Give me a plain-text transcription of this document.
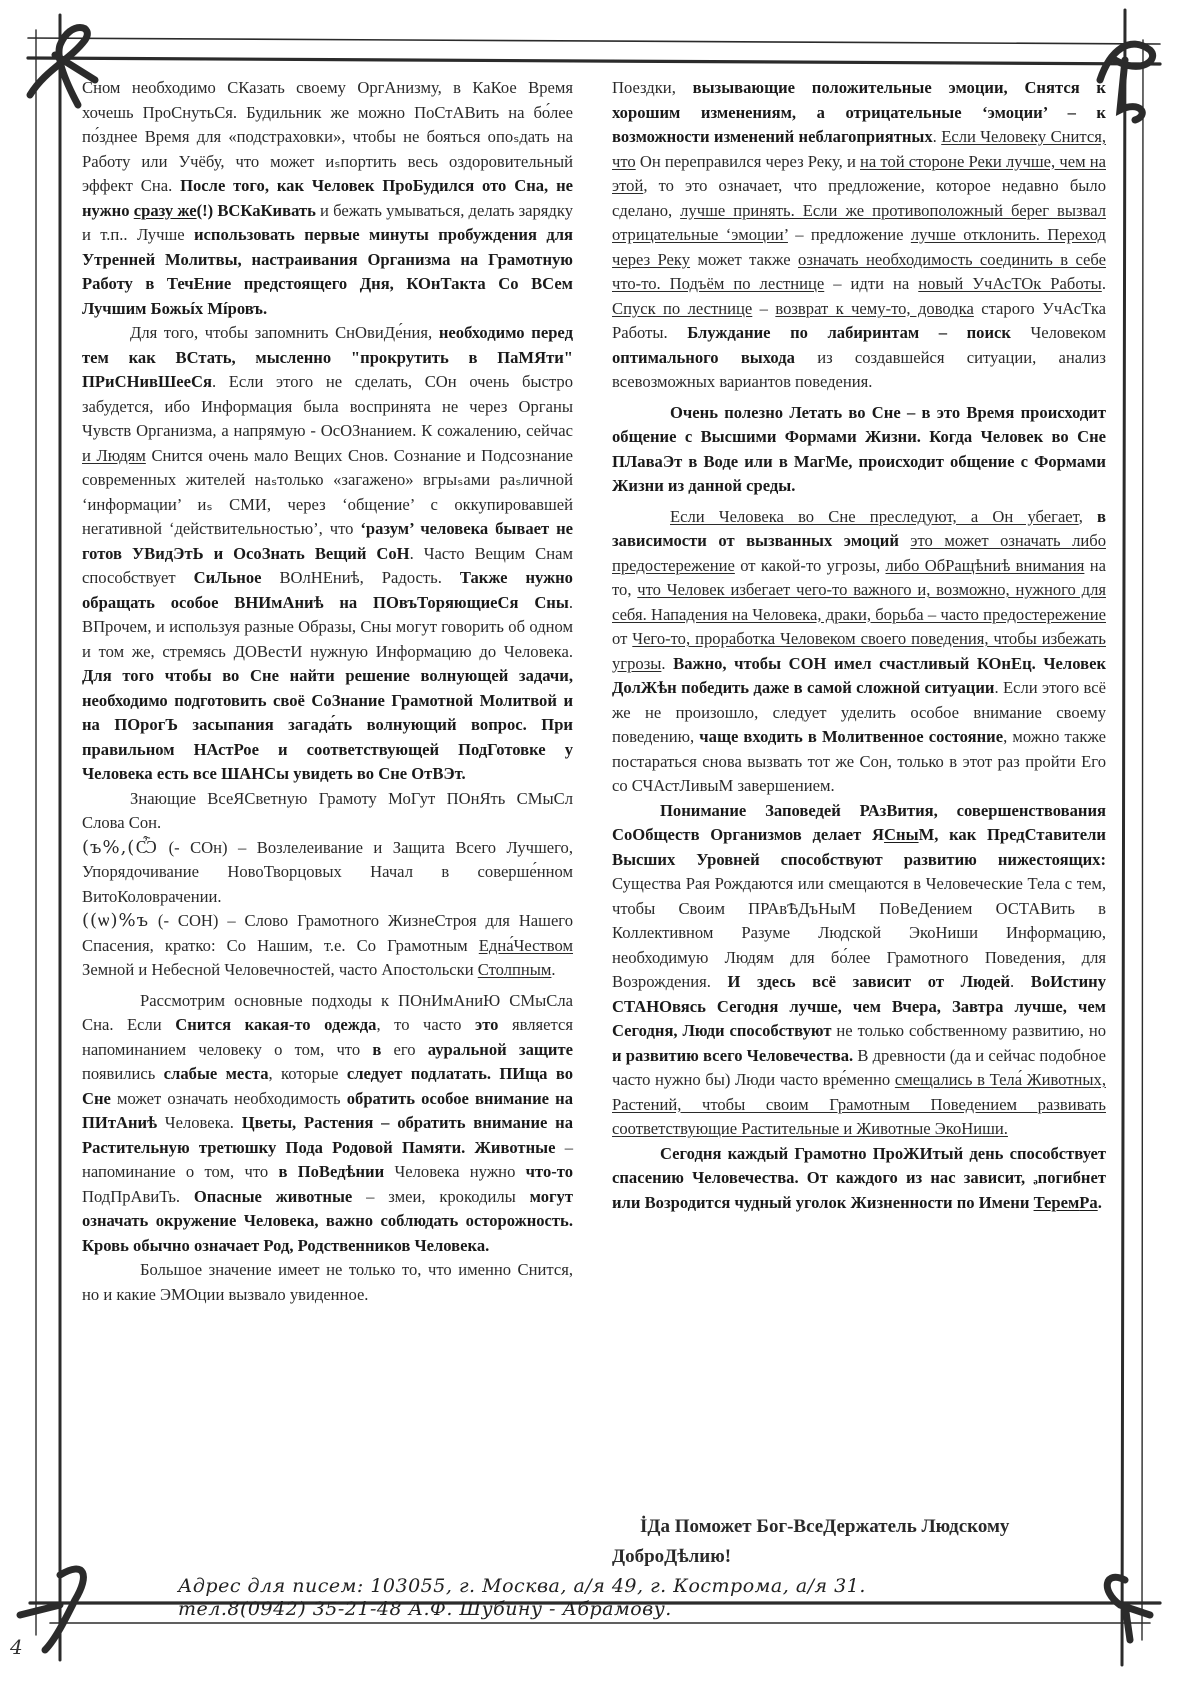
Сном необходимо СКазать своему ОргАнизму, в КаКое Время хочешь ПроСнутьСя. Будильник же можно ПоСтАВить на бо́лее по́зднее Время для «подстраховки», чтобы не бояться опоₛдать на Работу или Учёбу, что может иₛпортить весь оздоровительный эффект Сна. После того, как Человек ПроБудился ото Сна, не нужно сразу же(!) ВСКаКивать и бежать умываться, делать зарядку и т.п.. Лучше использовать первые минуты пробуждения для Утренней Молитвы, настраивания Организма на Грамотную Работу в ТечЕние предстоящего Дня, КОнТакта Со ВСем Лучшим Божьíх Míровъ.

Для того, чтобы запомнить СнОвиДе́ния, необходимо перед тем как ВСтать, мысленно "прокрутить в ПаМЯти" ПРиСНивШееСя. Если этого не сделать, СОн очень быстро забудется, ибо Информация была воспринята не через Органы Чувств Организма, а напрямую - ОсОЗнанием. К сожалению, сейчас и Людям Снится очень мало Вещих Снов. Сознание и Подсознание современных жителей наₛтолько «загажено» вгрыₛами раₛличной ‘информации’ иₛ СМИ, через ‘общение’ с оккупировавшей негативной ‘действительностью’, что ‘разум’ человека бывает не готов УВидЭтЬ и ОсоЗнать Вещий СоН. Часто Вещим Снам способствует СиЛьное ВОлНЕниѣ, Радость. Также нужно обращать особое ВНИмАниѣ на ПОвъТоряющиеСя Сны. ВПрочем, и используя разные Образы, Сны могут говорить об одном и том же, стремясь ДОВестИ нужную Информацию до Человека. Для того чтобы во Сне найти решение волнующей задачи, необходимо подготовить своё СоЗнание Грамотной Молитвой и на ПОрогЪ засыпания загада́ть волнующий вопрос. При правильном НАстРое и соответствующей ПодГотовке у Человека есть все ШАНСы увидеть во Сне ОтВЭт.

Знающие ВсеЯСветную Грамоту МоГут ПОнЯть СМыСл Слова Сон.

(ъ%,(Ѽ (- СОн) – Возлелеивание и Защита Всего Лучшего, Упорядочивание НовоТворцовых Начал в соверше́нном ВитоКоловрачении.

((ѡ)%ъ (- СОН) – Слово Грамотного ЖизнеСтроя для Нашего Спасения, кратко: Со Нашим, т.е. Со Грамотным Една́Чеством Земной и Небесной Человечностей, часто Апостольски Столпным.

Рассмотрим основные подходы к ПОнИмАниЮ СМыСла Сна. Если Снится какая-то одежда, то часто это является напоминанием человеку о том, что в его ауральной защите появились слабые места, которые следует подлатать. ПИща во Сне может означать необходимость обратить особое внимание на ПИтАниѣ Человека. Цветы, Растения – обратить внимание на Растительную третюшку Пода Родовой Памяти. Животные – напоминание о том, что в ПоВедѣнии Человека нужно что-то ПодПрАвиТь. Опасные животные – змеи, крокодилы могут означать окружение Человека, важно соблюдать осторожность. Кровь обычно означает Род, Родственников Человека.

Большое значение имеет не только то, что именно Снится, но и какие ЭМОции вызвало увиденное.

Поездки, вызывающие положительные эмоции, Снятся к хорошим изменениям, а отрицательные ‘эмоции’ – к возможности изменений неблагоприятных. Если Человеку Снится, что Он переправился через Реку, и на той стороне Реки лучше, чем на этой, то это означает, что предложение, которое недавно было сделано, лучше принять. Если же противоположный берег вызвал отрицательные ‘эмоции’ – предложение лучше отклонить. Переход через Реку может также означать необходимость соединить в себе что-то. Подъём по лестнице – идти на новый УчАсТОк Работы. Спуск по лестнице – возврат к чему-то, доводка старого УчАсТка Работы. Блуждание по лабиринтам – поиск Человеком оптимального выхода из создавшейся ситуации, анализ всевозможных вариантов поведения.

Очень полезно Летать во Сне – в это Время происходит общение с Высшими Формами Жизни. Когда Человек во Сне ПЛаваЭт в Воде или в МагМе, происходит общение с Формами Жизни из данной среды.

Если Человека во Сне преследуют, а Он убегает, в зависимости от вызванных эмоций это может означать либо предостережение от какой-то угрозы, либо ОбРащѣниѣ внимания на то, что Человек избегает чего-то важного и, возможно, нужного для себя. Нападения на Человека, драки, борьба – часто предостережение от Чего-то, проработка Человеком своего поведения, чтобы избежать угрозы. Важно, чтобы СОН имел счастливый КОнЕц. Человек ДолЖѣн победить даже в самой сложной ситуации. Если этого всё же не произошло, следует уделить особое внимание своему поведению, чаще входить в Молитвенное состояние, можно также постараться снова вызвать тот же Сон, только в этот раз пройти Его со СЧАстЛивыМ завершением.

Понимание Заповедей РАзВития, совершенствования СоОбществ Организмов делает ЯСныМ, как ПредСтавители Высших Уровней способствуют развитию нижестоящих: Существа Рая Рождаются или смещаются в Человеческие Тела с тем, чтобы Своим ПРАвѢДъНыМ ПоВеДением ОСТАВить в Коллективном Разуме Людской ЭкоНиши Информацию, необходимую Людям для бо́лее Грамотного Поведения, для Возрождения. И здесь всё зависит от Людей. ВоИстину СТАНОвясь Сегодня лучше, чем Вчера, Завтра лучше, чем Сегодня, Люди способствуют не только собственному развитию, но и развитию всего Человечества. В древности (да и сейчас подобное часто нужно бы) Люди часто вре́менно смещались в Тела́ Животных, Растений, чтобы своим Грамотным Поведением развивать соответствующие Растительные и Животные ЭкоНиши.

Сегодня каждый Грамотно ПроЖИтый день способствует спасению Человечества. От каждого из нас зависит, ₔпогибнет или Возродится чудный уголок Жизненности по Имени ТеремРа.

İДа Поможет Бог-ВсеДержатель Людскому ДоброДѣлию!
Адрес для писем: 103055, г. Москва, а/я 49, г. Кострома, а/я 31.
тел.8(0942) 35-21-48 А.Ф. Шубину - Абрамову.
4
